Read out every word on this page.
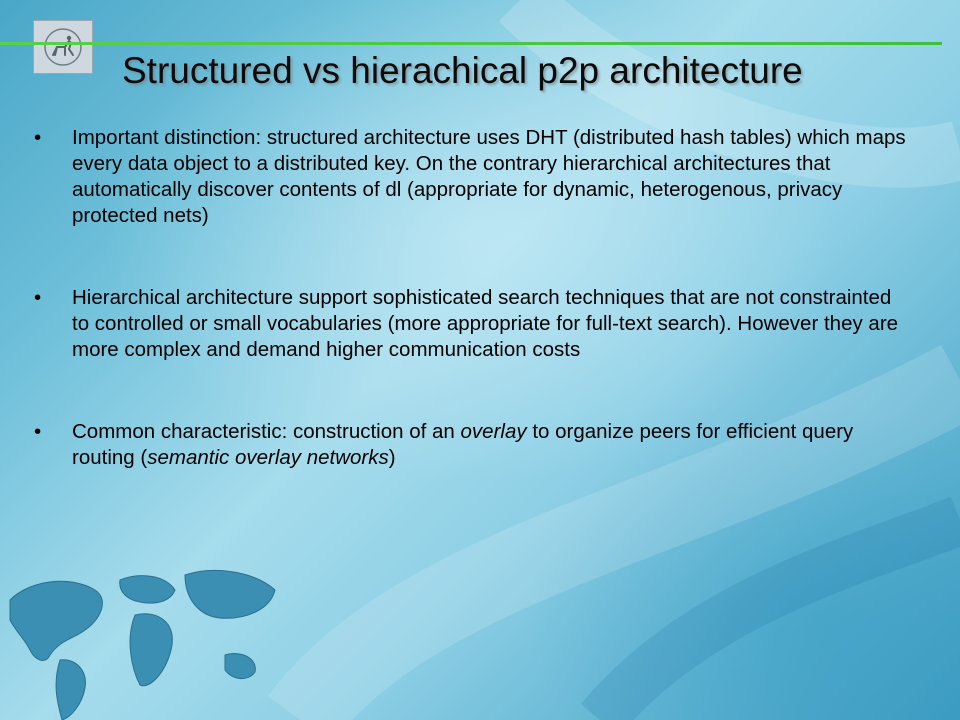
Structured vs hierachical p2p architecture
• Important distinction: structured architecture uses DHT (distributed hash tables) which maps every data object to a distributed key. On the contrary hierarchical architectures that automatically discover contents of dl (appropriate for dynamic, heterogenous, privacy protected nets)
• Hierarchical architecture support sophisticated search techniques that are not constrainted to controlled or small vocabularies (more appropriate for full-text search). However they are more complex and demand higher communication costs
• Common characteristic: construction of an overlay to organize peers for efficient query routing (semantic overlay networks)
